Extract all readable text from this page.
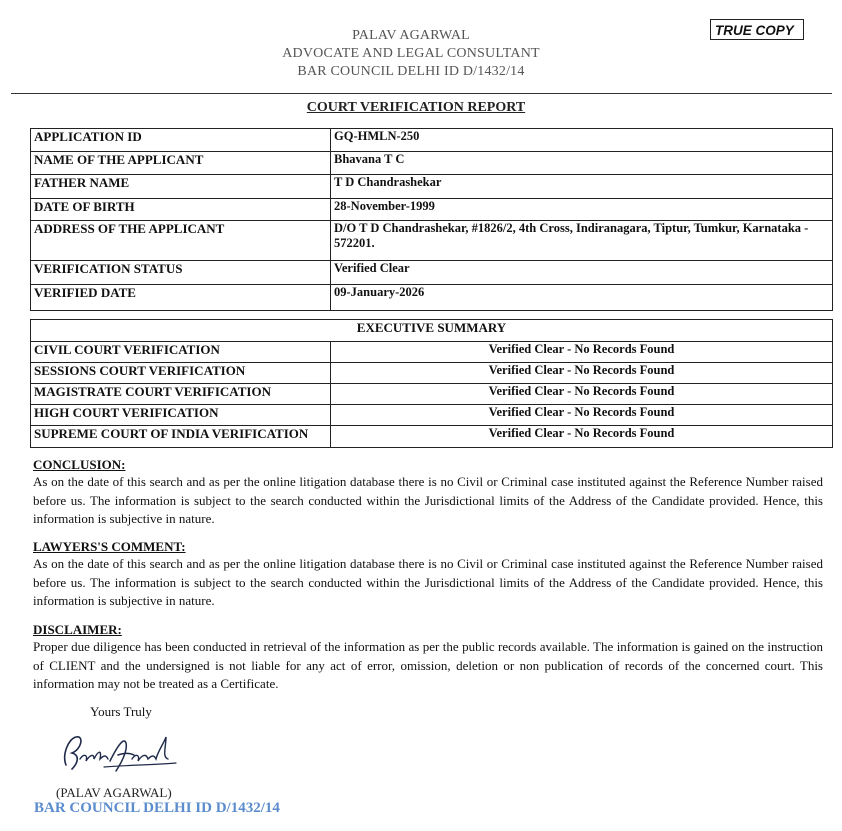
PALAV AGARWAL
ADVOCATE AND LEGAL CONSULTANT
BAR COUNCIL DELHI ID D/1432/14
TRUE COPY
COURT VERIFICATION REPORT
APPLICATION ID	GQ-HMLN-250
NAME OF THE APPLICANT	Bhavana T C
FATHER NAME	T D Chandrashekar
DATE OF BIRTH	28-November-1999
ADDRESS OF THE APPLICANT	D/O T D Chandrashekar, #1826/2, 4th Cross, Indiranagara, Tiptur, Tumkur, Karnataka - 572201.
VERIFICATION STATUS	Verified Clear
VERIFIED DATE	09-January-2026
EXECUTIVE SUMMARY	
CIVIL COURT VERIFICATION	Verified Clear - No Records Found
SESSIONS COURT VERIFICATION	Verified Clear - No Records Found
MAGISTRATE COURT VERIFICATION	Verified Clear - No Records Found
HIGH COURT VERIFICATION	Verified Clear - No Records Found
SUPREME COURT OF INDIA VERIFICATION	Verified Clear - No Records Found
CONCLUSION:
As on the date of this search and as per the online litigation database there is no Civil or Criminal case instituted against the Reference Number raised before us. The information is subject to the search conducted within the Jurisdictional limits of the Address of the Candidate provided. Hence, this information is subjective in nature.
LAWYERS'S COMMENT:
As on the date of this search and as per the online litigation database there is no Civil or Criminal case instituted against the Reference Number raised before us. The information is subject to the search conducted within the Jurisdictional limits of the Address of the Candidate provided. Hence, this information is subjective in nature.
DISCLAIMER:
Proper due diligence has been conducted in retrieval of the information as per the public records available. The information is gained on the instruction of CLIENT and the undersigned is not liable for any act of error, omission, deletion or non publication of records of the concerned court. This information may not be treated as a Certificate.
Yours Truly
(PALAV AGARWAL)
BAR COUNCIL DELHI ID D/1432/14
